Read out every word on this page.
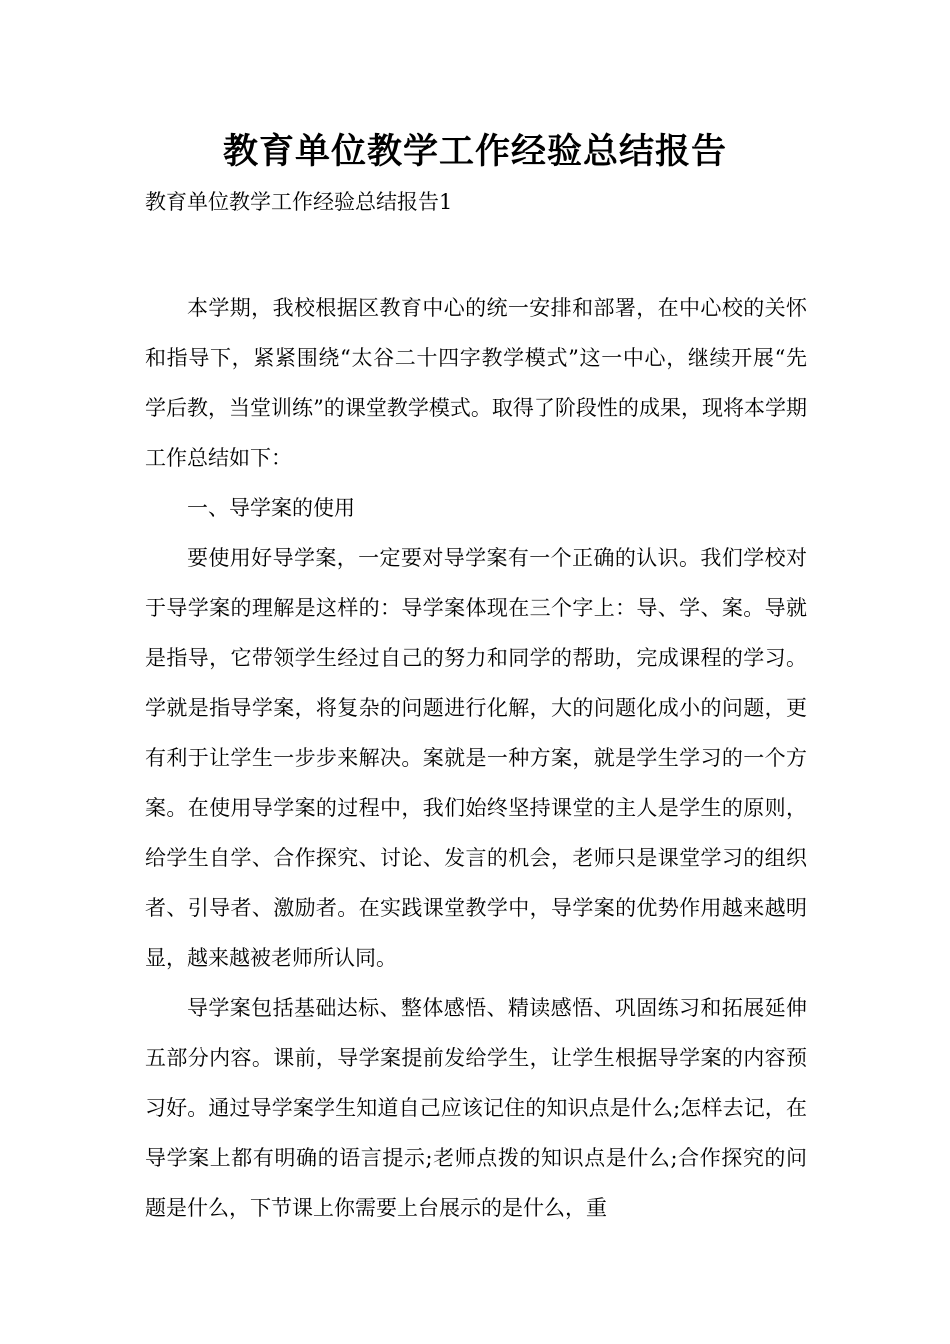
教育单位教学工作经验总结报告
教育单位教学工作经验总结报告1

本学期，我校根据区教育中心的统一安排和部署，在中心校的关怀和指导下，紧紧围绕“太谷二十四字教学模式”这一中心，继续开展“先学后教，当堂训练”的课堂教学模式。取得了阶段性的成果，现将本学期工作总结如下：

一、导学案的使用

要使用好导学案，一定要对导学案有一个正确的认识。我们学校对于导学案的理解是这样的：导学案体现在三个字上：导、学、案。导就是指导，它带领学生经过自己的努力和同学的帮助，完成课程的学习。学就是指导学案，将复杂的问题进行化解，大的问题化成小的问题，更有利于让学生一步步来解决。案就是一种方案，就是学生学习的一个方案。在使用导学案的过程中，我们始终坚持课堂的主人是学生的原则，给学生自学、合作探究、讨论、发言的机会，老师只是课堂学习的组织者、引导者、激励者。在实践课堂教学中，导学案的优势作用越来越明显，越来越被老师所认同。

导学案包括基础达标、整体感悟、精读感悟、巩固练习和拓展延伸五部分内容。课前，导学案提前发给学生，让学生根据导学案的内容预习好。通过导学案学生知道自己应该记住的知识点是什么;怎样去记，在导学案上都有明确的语言提示;老师点拨的知识点是什么;合作探究的问题是什么，下节课上你需要上台展示的是什么，重
